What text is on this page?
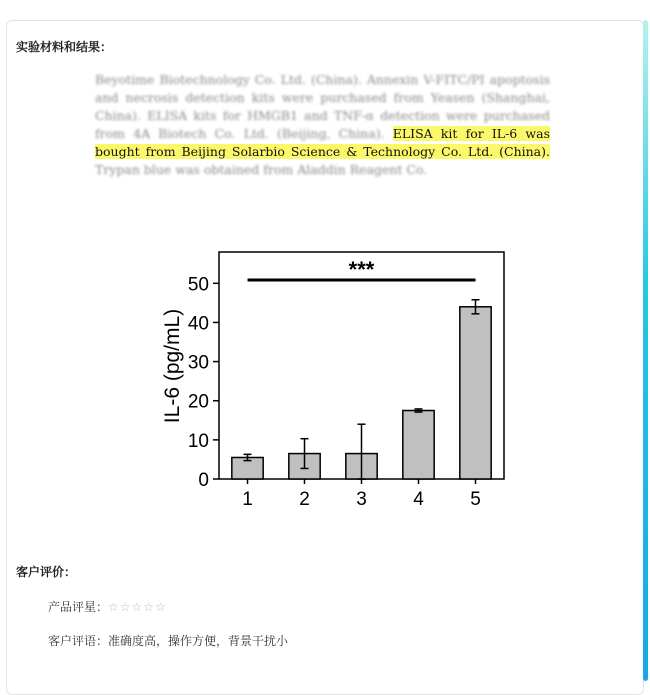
实验材料和结果：
Beyotime Biotechnology Co. Ltd. (China). Annexin V-FITC/PI apoptosis and necrosis detection kits were purchased from Yeasen (Shanghai, China). ELISA kits for HMGB1 and TNF-α detection were purchased from 4A Biotech Co. Ltd. (Beijing, China). ELISA kit for IL-6 was bought from Beijing Solarbio Science & Technology Co. Ltd. (China). Trypan blue was obtained from Aladdin Reagent Co.
IL-6 (pg/mL)
0
10
20
30
40
50
1 2 3 4 5
***
客户评价：
产品评星：☆☆☆☆☆
客户评语：准确度高，操作方便，背景干扰小
